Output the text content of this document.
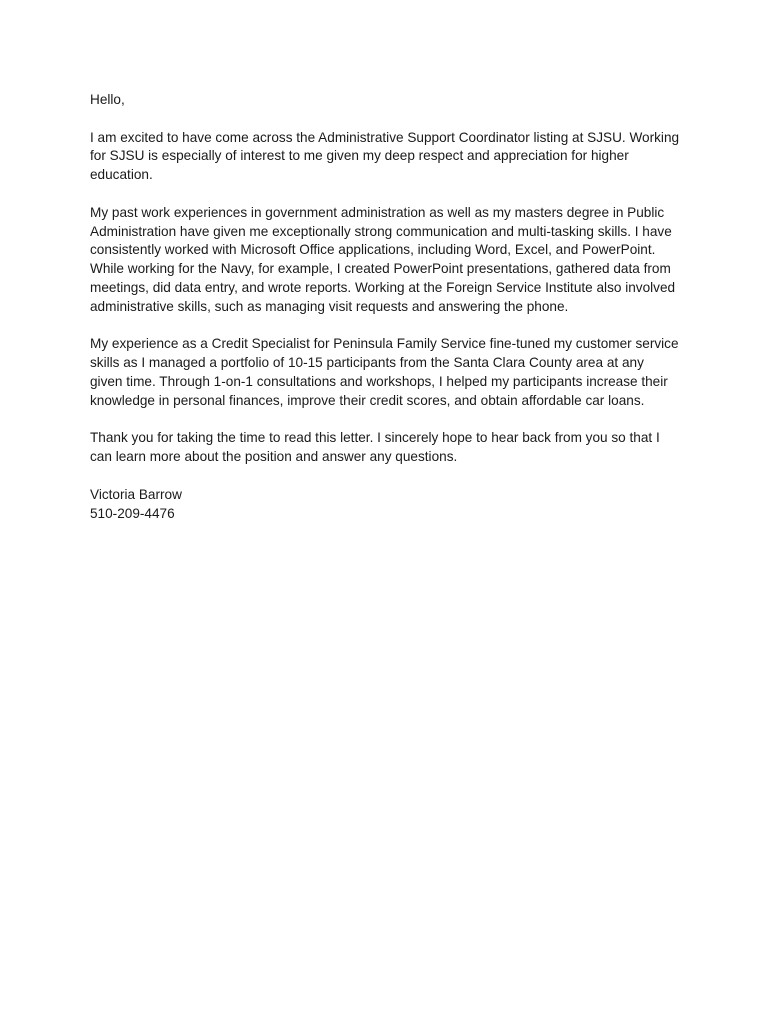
Hello,

I am excited to have come across the Administrative Support Coordinator listing at SJSU. Working for SJSU is especially of interest to me given my deep respect and appreciation for higher education.

My past work experiences in government administration as well as my masters degree in Public Administration have given me exceptionally strong communication and multi-tasking skills. I have consistently worked with Microsoft Office applications, including Word, Excel, and PowerPoint. While working for the Navy, for example, I created PowerPoint presentations, gathered data from meetings, did data entry, and wrote reports. Working at the Foreign Service Institute also involved administrative skills, such as managing visit requests and answering the phone.

My experience as a Credit Specialist for Peninsula Family Service fine-tuned my customer service skills as I managed a portfolio of 10-15 participants from the Santa Clara County area at any given time. Through 1-on-1 consultations and workshops, I helped my participants increase their knowledge in personal finances, improve their credit scores, and obtain affordable car loans.

Thank you for taking the time to read this letter. I sincerely hope to hear back from you so that I can learn more about the position and answer any questions.

Victoria Barrow
510-209-4476
